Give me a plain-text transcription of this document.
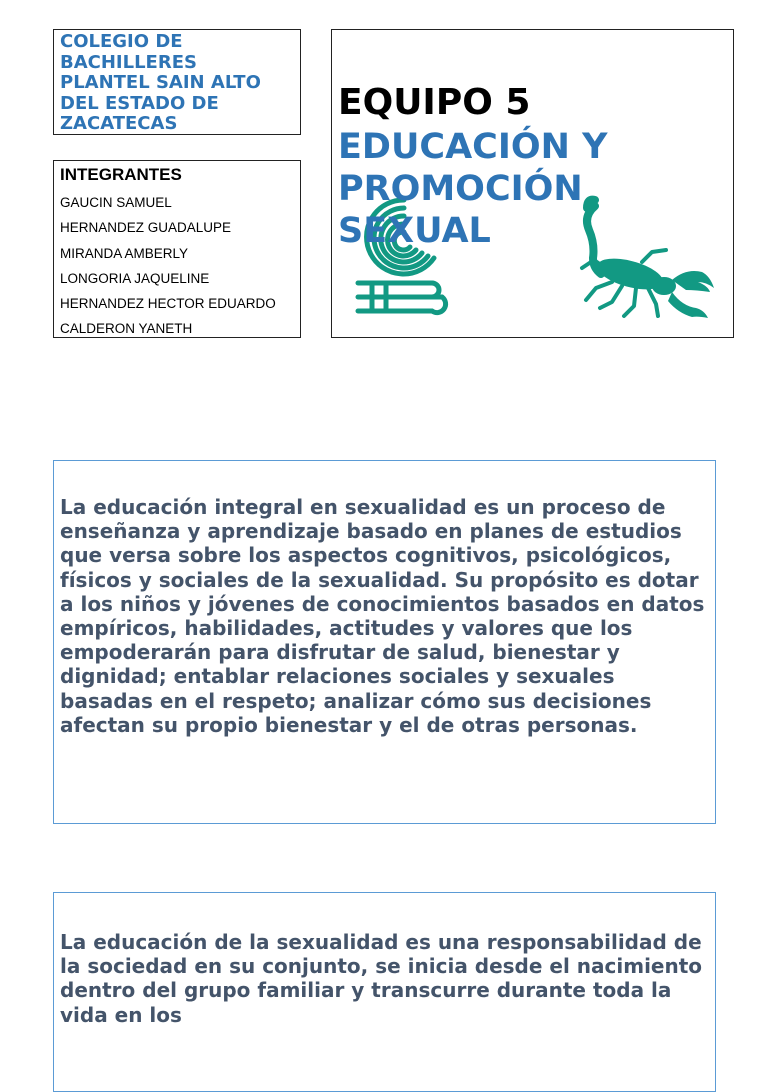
COLEGIO DE
BACHILLERES
PLANTEL SAIN ALTO
DEL ESTADO DE
ZACATECAS
INTEGRANTES
GAUCIN SAMUEL
HERNANDEZ GUADALUPE
MIRANDA AMBERLY
LONGORIA JAQUELINE
HERNANDEZ HECTOR EDUARDO
CALDERON YANETH
EQUIPO 5
EDUCACIÓN Y
PROMOCIÓN
SEXUAL
La educación integral en sexualidad es un proceso de enseñanza y aprendizaje basado en planes de estudios que versa sobre los aspectos cognitivos, psicológicos, físicos y sociales de la sexualidad. Su propósito es dotar a los niños y jóvenes de conocimientos basados en datos empíricos, habilidades, actitudes y valores que los empoderarán para disfrutar de salud, bienestar y dignidad; entablar relaciones sociales y sexuales basadas en el respeto; analizar cómo sus decisiones afectan su propio bienestar y el de otras personas.
La educación de la sexualidad es una responsabilidad de la sociedad en su conjunto, se inicia desde el nacimiento dentro del grupo familiar y transcurre durante toda la vida en los
